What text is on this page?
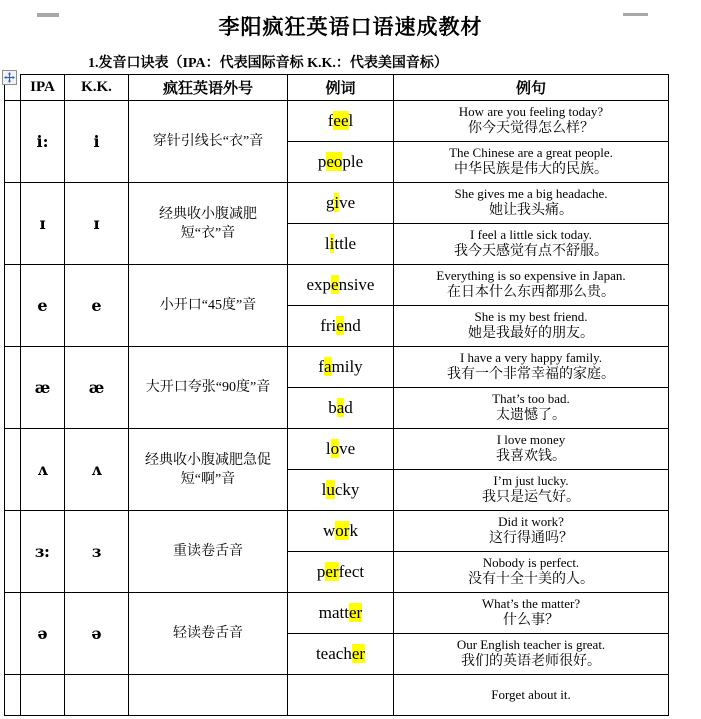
李阳疯狂英语口语速成教材
1.发音口诀表（IPA：代表国际音标 K.K.：代表美国音标）
	IPA	K.K.	疯狂英语外号	例词	例句
	i:	i	穿针引线长“衣”音	feel	How are you feeling today?
你今天觉得怎么样？

				people	The Chinese are a great people.
中华民族是伟大的民族。

	ɪ	ɪ	经典收小腹减肥短“衣”音	give	She gives me a big headache.
她让我头痛。

				little	I feel a little sick today.
我今天感觉有点不舒服。

	e	e	小开口“45度”音	expensive	Everything is so expensive in Japan.
在日本什么东西都那么贵。

				friend	She is my best friend.
她是我最好的朋友。

	æ	æ	大开口夸张“90度”音	family	I have a very happy family.
我有一个非常幸福的家庭。

				bad	That’s too bad.
太遗憾了。

	ʌ	ʌ	经典收小腹减肥急促短“啊”音	love	I love money
我喜欢钱。

				lucky	I’m just lucky.
我只是运气好。

	ɜ:	ɜ	重读卷舌音	work	Did it work?
这行得通吗？

				perfect	Nobody is perfect.
没有十全十美的人。

	ə	ə	轻读卷舌音	matter	What’s the matter?
什么事？

				teacher	Our English teacher is great.
我们的英语老师很好。

					Forget about it.
